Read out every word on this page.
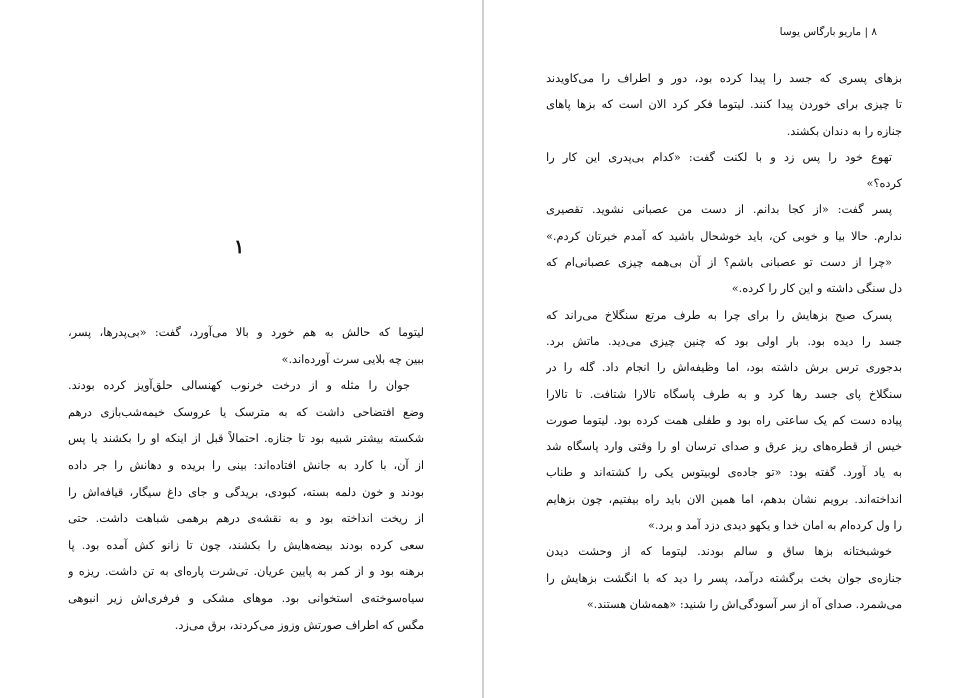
۱

لیتوما که حالش به هم خورد و بالا می‌آورد، گفت: «بی‌پدرها، پسر،

ببین چه بلایی سرت آورده‌اند.»

جوان را مثله و از درخت خرنوب کهنسالی حلق‌آویز کرده بودند.

وضع افتضاحی داشت که به مترسک یا عروسک خیمه‌شب‌بازی درهم

شکسته بیشتر شبیه بود تا جنازه. احتمالاً قبل از اینکه او را بکشند یا پس

از آن، با کارد به جانش افتاده‌اند: بینی را بریده و دهانش را جر داده

بودند و خون دلمه بسته، کبودی، بریدگی و جای داغ سیگار، قیافه‌اش را

از ریخت انداخته بود و به نقشه‌ی درهم برهمی شباهت داشت. حتی

سعی کرده بودند بیضه‌هایش را بکشند، چون تا زانو کش آمده بود. پا

برهنه بود و از کمر به پایین عریان. تی‌شرت پاره‌ای به تن داشت. ریزه و

سیاه‌سوخته‌ی استخوانی بود. موهای مشکی و فرفری‌اش زیر انبوهی

مگس که اطراف صورتش وزوز می‌کردند، برق می‌زد.

٨ | ماریو بارگاس یوسا

بزهای پسری که جسد را پیدا کرده بود، دور و اطراف را می‌کاویدند

تا چیزی برای خوردن پیدا کنند. لیتوما فکر کرد الان است که بزها پاهای

جنازه را به دندان بکشند.

تهوع خود را پس زد و با لکنت گفت: «کدام بی‌پدری این کار را

کرده؟»

پسر گفت: «از کجا بدانم. از دست من عصبانی نشوید. تقصیری

ندارم. حالا بیا و خوبی کن، باید خوشحال باشید که آمدم خبرتان کردم.»

«چرا از دست تو عصبانی باشم؟ از آن بی‌همه چیزی عصبانی‌ام که

دل سنگی داشته و این کار را کرده.»

پسرک صبح بزهایش را برای چرا به طرف مرتع سنگلاخ می‌راند که

جسد را دیده بود. بار اولی بود که چنین چیزی می‌دید. ماتش برد.

بدجوری ترس برش داشته بود، اما وظیفه‌اش را انجام داد. گله را در

سنگلاخ پای جسد رها کرد و به طرف پاسگاه تالارا شتافت. تا تالارا

پیاده دست کم یک ساعتی راه بود و طفلی همت کرده بود. لیتوما صورت

خیس از قطره‌های ریز عرق و صدای ترسان او را وقتی وارد پاسگاه شد

به یاد آورد. گفته بود: «تو جاده‌ی لوبیتوس یکی را کشته‌اند و طناب

انداخته‌اند. برویم نشان بدهم، اما همین الان باید راه بیفتیم، چون بزهایم

را ول کرده‌ام به امان خدا و یکهو دیدی دزد آمد و برد.»

خوشبختانه بزها ساق و سالم بودند. لیتوما که از وحشت دیدن

جنازه‌ی جوان بخت برگشته درآمد، پسر را دید که با انگشت بزهایش را

می‌شمرد. صدای آه از سر آسودگی‌اش را شنید: «همه‌شان هستند.»
